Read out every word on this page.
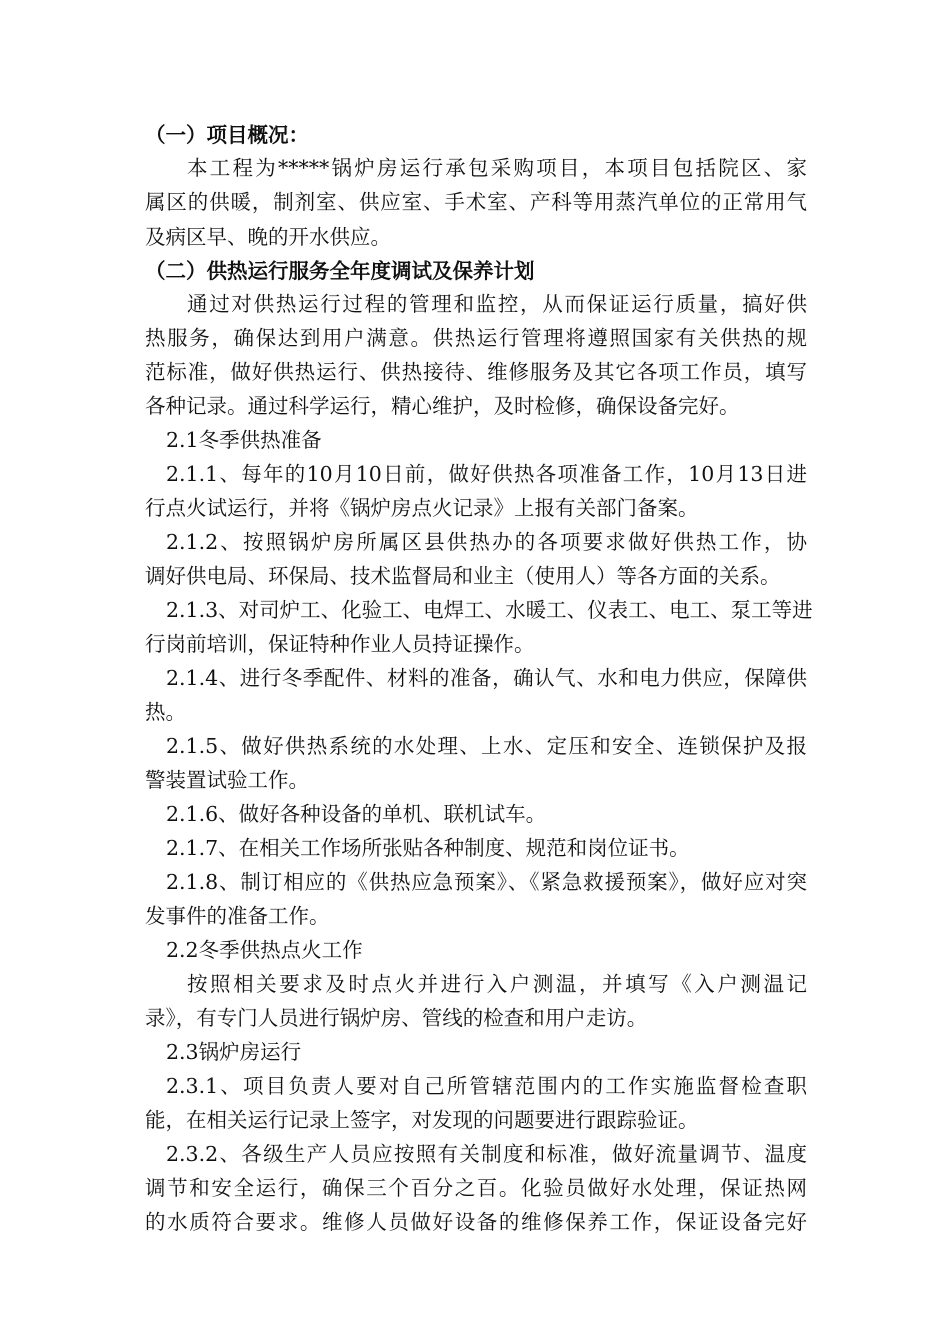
（一）项目概况：
本工程为*****锅炉房运行承包采购项目，本项目包括院区、家
属区的供暖，制剂室、供应室、手术室、产科等用蒸汽单位的正常用气
及病区早、晚的开水供应。
（二）供热运行服务全年度调试及保养计划
通过对供热运行过程的管理和监控，从而保证运行质量，搞好供
热服务，确保达到用户满意。供热运行管理将遵照国家有关供热的规
范标准，做好供热运行、供热接待、维修服务及其它各项工作员，填写
各种记录。通过科学运行，精心维护，及时检修，确保设备完好。
2.1冬季供热准备
2.1.1、每年的10月10日前，做好供热各项准备工作，10月13日进
行点火试运行，并将《锅炉房点火记录》上报有关部门备案。
2.1.2、按照锅炉房所属区县供热办的各项要求做好供热工作，协
调好供电局、环保局、技术监督局和业主（使用人）等各方面的关系。
2.1.3、对司炉工、化验工、电焊工、水暖工、仪表工、电工、泵工等进
行岗前培训，保证特种作业人员持证操作。
2.1.4、进行冬季配件、材料的准备，确认气、水和电力供应，保障供
热。
2.1.5、做好供热系统的水处理、上水、定压和安全、连锁保护及报
警装置试验工作。
2.1.6、做好各种设备的单机、联机试车。
2.1.7、在相关工作场所张贴各种制度、规范和岗位证书。
2.1.8、制订相应的《供热应急预案》、《紧急救援预案》，做好应对突
发事件的准备工作。
2.2冬季供热点火工作
按照相关要求及时点火并进行入户测温，并填写《入户测温记
录》，有专门人员进行锅炉房、管线的检查和用户走访。
2.3锅炉房运行
2.3.1、项目负责人要对自己所管辖范围内的工作实施监督检查职
能，在相关运行记录上签字，对发现的问题要进行跟踪验证。
2.3.2、各级生产人员应按照有关制度和标准，做好流量调节、温度
调节和安全运行，确保三个百分之百。化验员做好水处理，保证热网
的水质符合要求。维修人员做好设备的维修保养工作，保证设备完好
